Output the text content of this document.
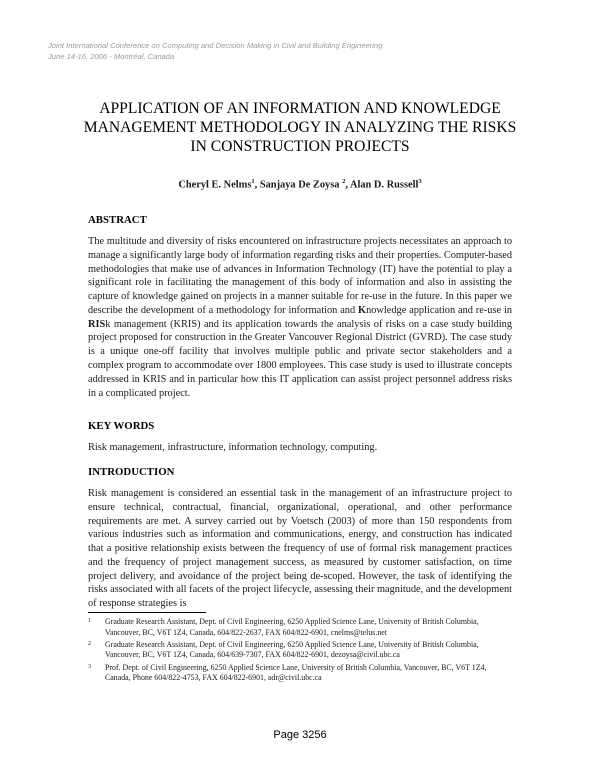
Joint International Conference on Computing and Decision Making in Civil and Building Engineering
June 14-16, 2006 - Montréal, Canada
APPLICATION OF AN INFORMATION AND KNOWLEDGE
MANAGEMENT METHODOLOGY IN ANALYZING THE RISKS
IN CONSTRUCTION PROJECTS
Cheryl E. Nelms$^1$, Sanjaya De Zoysa $^2$, Alan D. Russell$^3$
ABSTRACT
The multitude and diversity of risks encountered on infrastructure projects necessitates an approach to manage a significantly large body of information regarding risks and their properties. Computer-based methodologies that make use of advances in Information Technology (IT) have the potential to play a significant role in facilitating the management of this body of information and also in assisting the capture of knowledge gained on projects in a manner suitable for re-use in the future. In this paper we describe the development of a methodology for information and Knowledge application and re-use in RISk management (KRIS) and its application towards the analysis of risks on a case study building project proposed for construction in the Greater Vancouver Regional District (GVRD). The case study is a unique one-off facility that involves multiple public and private sector stakeholders and a complex program to accommodate over 1800 employees. This case study is used to illustrate concepts addressed in KRIS and in particular how this IT application can assist project personnel address risks in a complicated project.
KEY WORDS
Risk management, infrastructure, information technology, computing.
INTRODUCTION
Risk management is considered an essential task in the management of an infrastructure project to ensure technical, contractual, financial, organizational, operational, and other performance requirements are met. A survey carried out by Voetsch (2003) of more than 150 respondents from various industries such as information and communications, energy, and construction has indicated that a positive relationship exists between the frequency of use of formal risk management practices and the frequency of project management success, as measured by customer satisfaction, on time project delivery, and avoidance of the project being de-scoped. However, the task of identifying the risks associated with all facets of the project lifecycle, assessing their magnitude, and the development of response strategies is
1	Graduate Research Assistant, Dept. of Civil Engineering, 6250 Applied Science Lane, University of British Columbia, Vancouver, BC, V6T 1Z4, Canada, 604/822-2637, FAX 604/822-6901, cnelms@telus.net
2	Graduate Research Assistant, Dept. of Civil Engineering, 6250 Applied Science Lane, University of British Columbia, Vancouver, BC, V6T 1Z4, Canada, 604/639-7307, FAX 604/822-6901, dezoysa@civil.ubc.ca
3	Prof. Dept. of Civil Engineering, 6250 Applied Science Lane, University of British Columbia, Vancouver, BC, V6T 1Z4, Canada, Phone 604/822-4753, FAX 604/822-6901, adr@civil.ubc.ca
Page 3256
